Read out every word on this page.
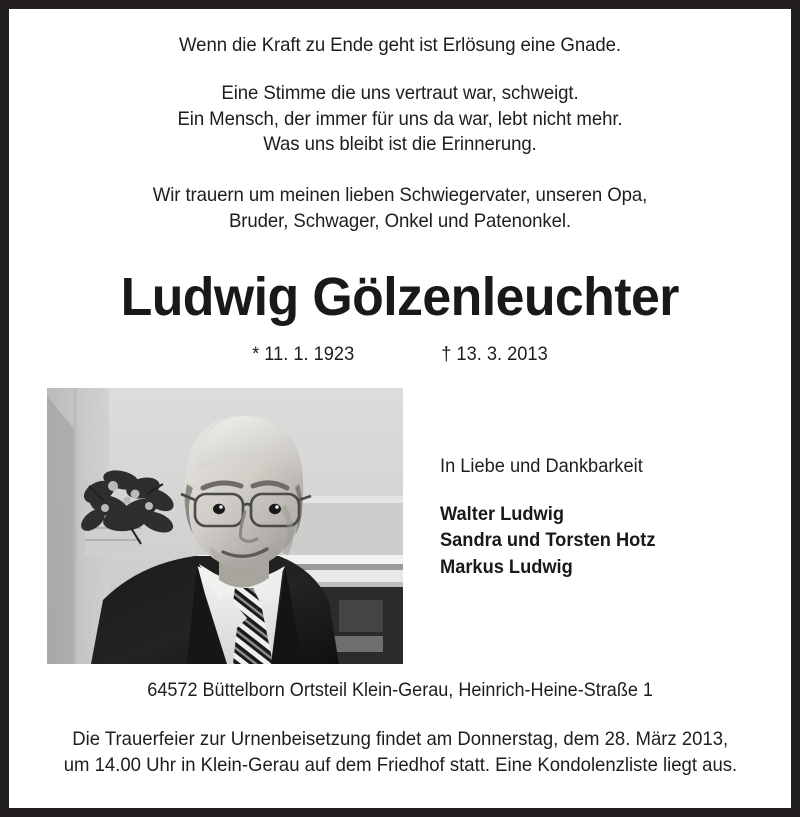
Wenn die Kraft zu Ende geht ist Erlösung eine Gnade.
Eine Stimme die uns vertraut war, schweigt.
Ein Mensch, der immer für uns da war, lebt nicht mehr.
Was uns bleibt ist die Erinnerung.
Wir trauern um meinen lieben Schwiegervater, unseren Opa,
Bruder, Schwager, Onkel und Patenonkel.
Ludwig Gölzenleuchter
* 11. 1. 1923	† 13. 3. 2013
In Liebe und Dankbarkeit
Walter Ludwig
Sandra und Torsten Hotz
Markus Ludwig
64572 Büttelborn Ortsteil Klein-Gerau, Heinrich-Heine-Straße 1
Die Trauerfeier zur Urnenbeisetzung findet am Donnerstag, dem 28. März 2013,
um 14.00 Uhr in Klein-Gerau auf dem Friedhof statt. Eine Kondolenzliste liegt aus.
